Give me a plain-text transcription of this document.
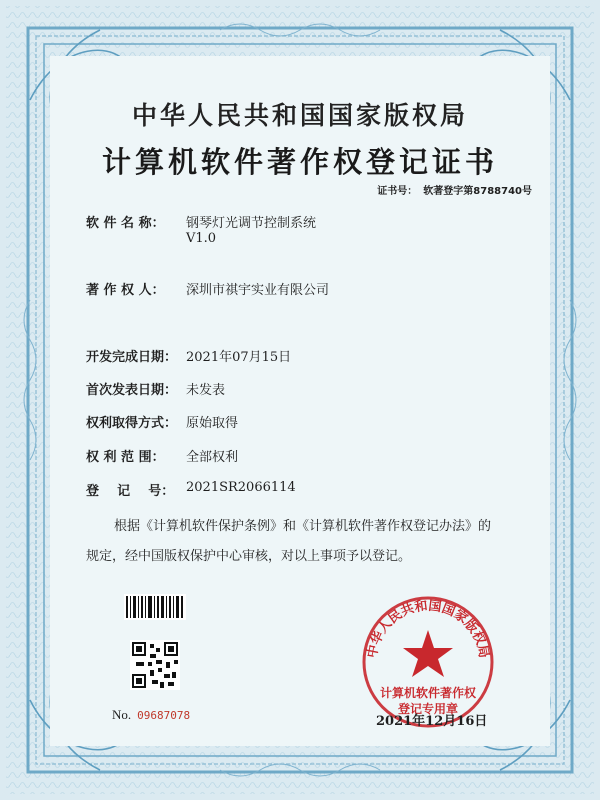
中华人民共和国国家版权局
计算机软件著作权登记证书
证书号： 软著登字第8788740号
软 件 名 称：	钢琴灯光调节控制系统
V1.0
著 作 权 人：	深圳市祺宇实业有限公司
开发完成日期： 2021年07月15日
首次发表日期： 未发表
权利取得方式： 原始取得
权 利 范 围：	全部权利
登    记    号： 2021SR2066114
根据《计算机软件保护条例》和《计算机软件著作权登记办法》的
规定，经中国版权保护中心审核，对以上事项予以登记。
No. 09687078
中华人民共和国国家版权局
计算机软件著作权
登记专用章
2021年12月16日
